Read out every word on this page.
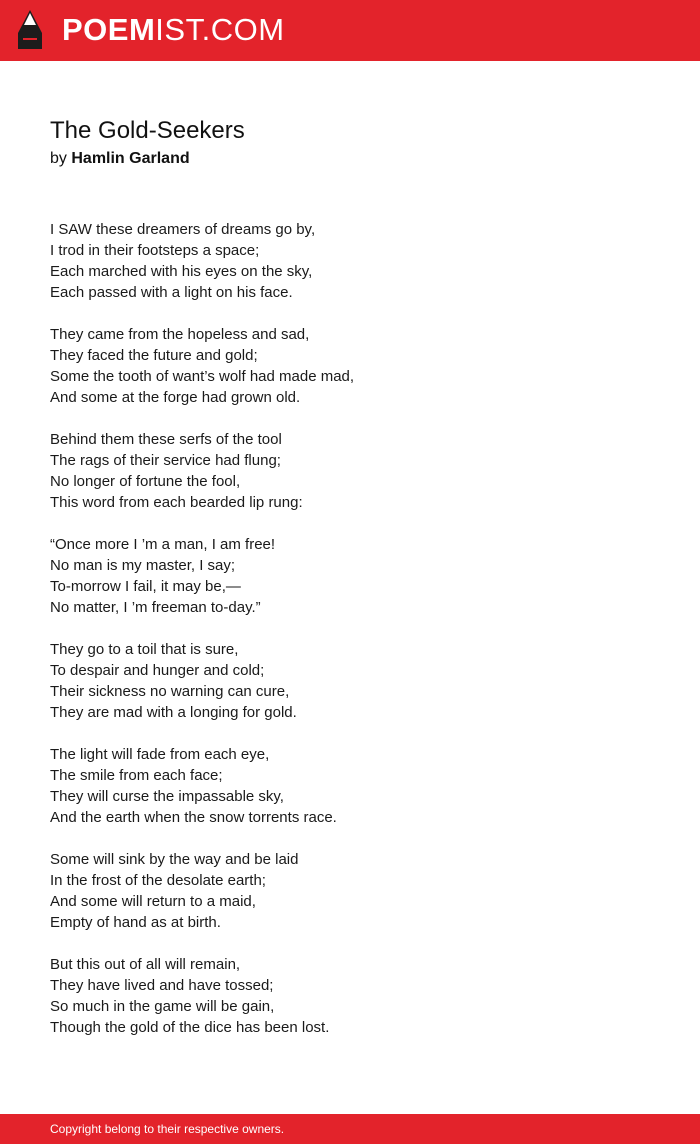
POEMIST.COM
The Gold-Seekers
by Hamlin Garland
I SAW these dreamers of dreams go by,
I trod in their footsteps a space;
Each marched with his eyes on the sky,
Each passed with a light on his face.
They came from the hopeless and sad,
They faced the future and gold;
Some the tooth of want’s wolf had made mad,
And some at the forge had grown old.
Behind them these serfs of the tool
The rags of their service had flung;
No longer of fortune the fool,
This word from each bearded lip rung:
“Once more I ’m a man, I am free!
No man is my master, I say;
To-morrow I fail, it may be,—
No matter, I ’m freeman to-day.”
They go to a toil that is sure,
To despair and hunger and cold;
Their sickness no warning can cure,
They are mad with a longing for gold.
The light will fade from each eye,
The smile from each face;
They will curse the impassable sky,
And the earth when the snow torrents race.
Some will sink by the way and be laid
In the frost of the desolate earth;
And some will return to a maid,
Empty of hand as at birth.
But this out of all will remain,
They have lived and have tossed;
So much in the game will be gain,
Though the gold of the dice has been lost.
Copyright belong to their respective owners.
